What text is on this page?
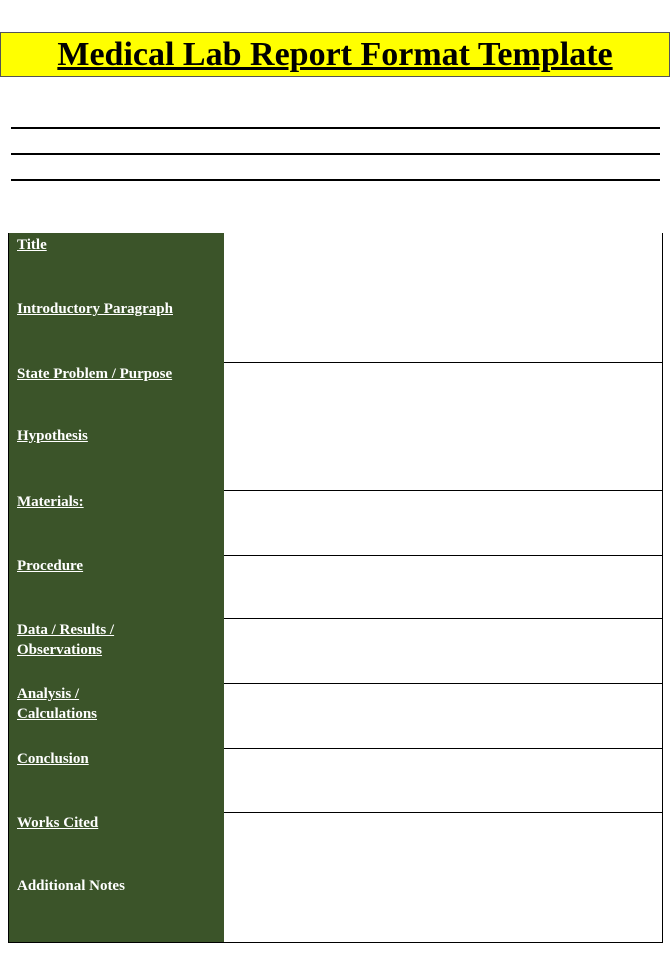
Medical Lab Report Format Template
Title
Introductory Paragraph	

State Problem / Purpose
Hypothesis	

Materials:	

Procedure	

Data / Results /
Observations	

Analysis /
Calculations	

Conclusion	

Works Cited
Additional Notes	
